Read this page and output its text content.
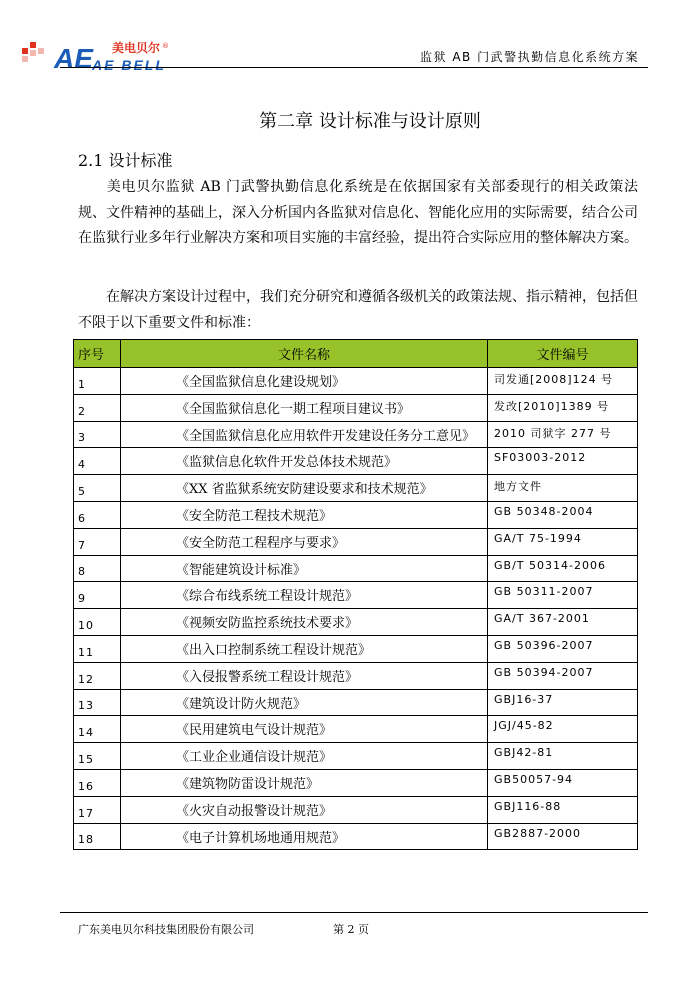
AE 美电贝尔
AE BELL
®
监狱 AB 门武警执勤信息化系统方案
第二章 设计标准与设计原则
2.1 设计标准
美电贝尔监狱 AB 门武警执勤信息化系统是在依据国家有关部委现行的相关政策法规、文件精神的基础上，深入分析国内各监狱对信息化、智能化应用的实际需要，结合公司在监狱行业多年行业解决方案和项目实施的丰富经验，提出符合实际应用的整体解决方案。
在解决方案设计过程中，我们充分研究和遵循各级机关的政策法规、指示精神，包括但不限于以下重要文件和标准：
序号	文件名称	文件编号
1	《全国监狱信息化建设规划》	司发通[2008]124 号
2	《全国监狱信息化一期工程项目建议书》	发改[2010]1389 号
3	《全国监狱信息化应用软件开发建设任务分工意见》	2010 司狱字 277 号
4	《监狱信息化软件开发总体技术规范》	SF03003-2012
5	《XX 省监狱系统安防建设要求和技术规范》	地方文件
6	《安全防范工程技术规范》	GB 50348-2004
7	《安全防范工程程序与要求》	GA/T 75-1994
8	《智能建筑设计标准》	GB/T 50314-2006
9	《综合布线系统工程设计规范》	GB 50311-2007
10	《视频安防监控系统技术要求》	GA/T 367-2001
11	《出入口控制系统工程设计规范》	GB 50396-2007
12	《入侵报警系统工程设计规范》	GB 50394-2007
13	《建筑设计防火规范》	GBJ16-37
14	《民用建筑电气设计规范》	JGJ/45-82
15	《工业企业通信设计规范》	GBJ42-81
16	《建筑物防雷设计规范》	GB50057-94
17	《火灾自动报警设计规范》	GBJ116-88
18	《电子计算机场地通用规范》	GB2887-2000
广东美电贝尔科技集团股份有限公司	第 2 页
